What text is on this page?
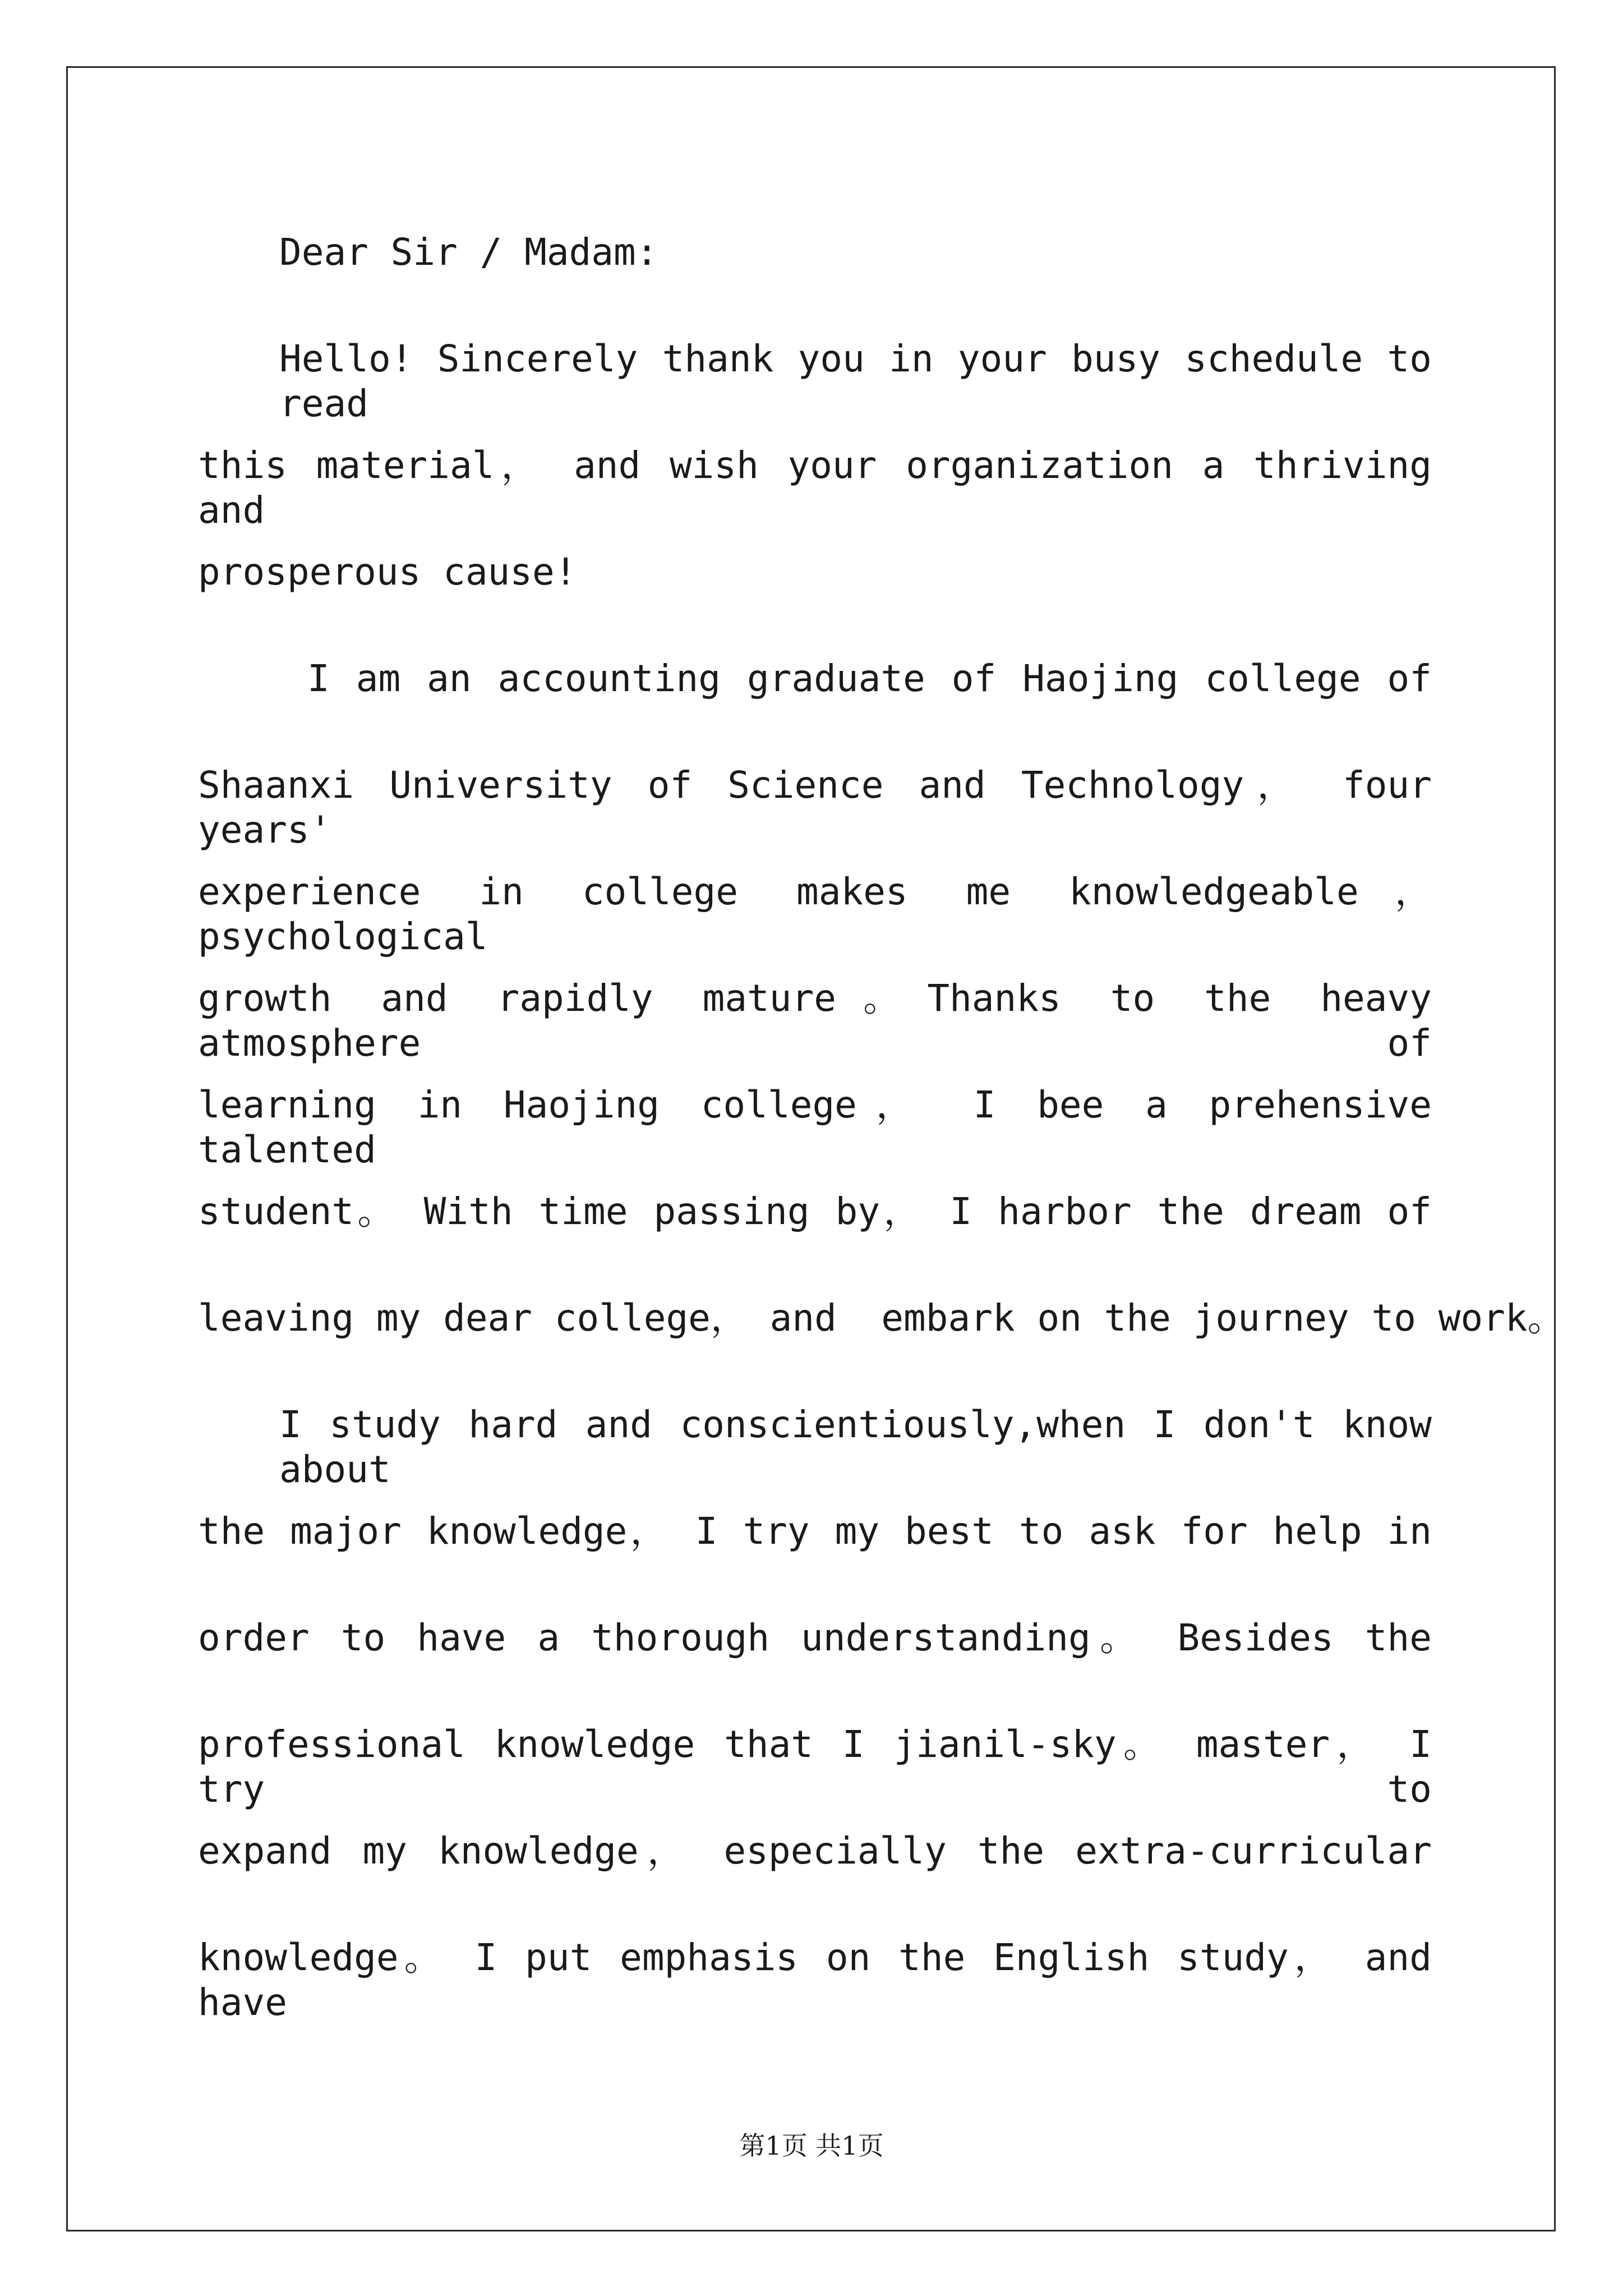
Dear Sir / Madam:
Hello! Sincerely thank you in your busy schedule to read
this material， and wish your organization a thriving and
prosperous cause!
I am an accounting graduate of Haojing college of
Shaanxi University of Science and Technology， four years'
experience in college makes me knowledgeable， psychological
growth and rapidly mature。Thanks to the heavy atmosphere of
learning in Haojing college， I bee a prehensive talented
student。 With time passing by， I harbor the dream of
leaving my dear college， and  embark on the journey to work。
I study hard and conscientiously,when I don't know about
the major knowledge， I try my best to ask for help in
order to have a thorough understanding。 Besides the
professional knowledge that I jianil-sky。 master， I try to
expand my knowledge， especially the extra-curricular
knowledge。 I put emphasis on the English study， and have
第1页 共1页
